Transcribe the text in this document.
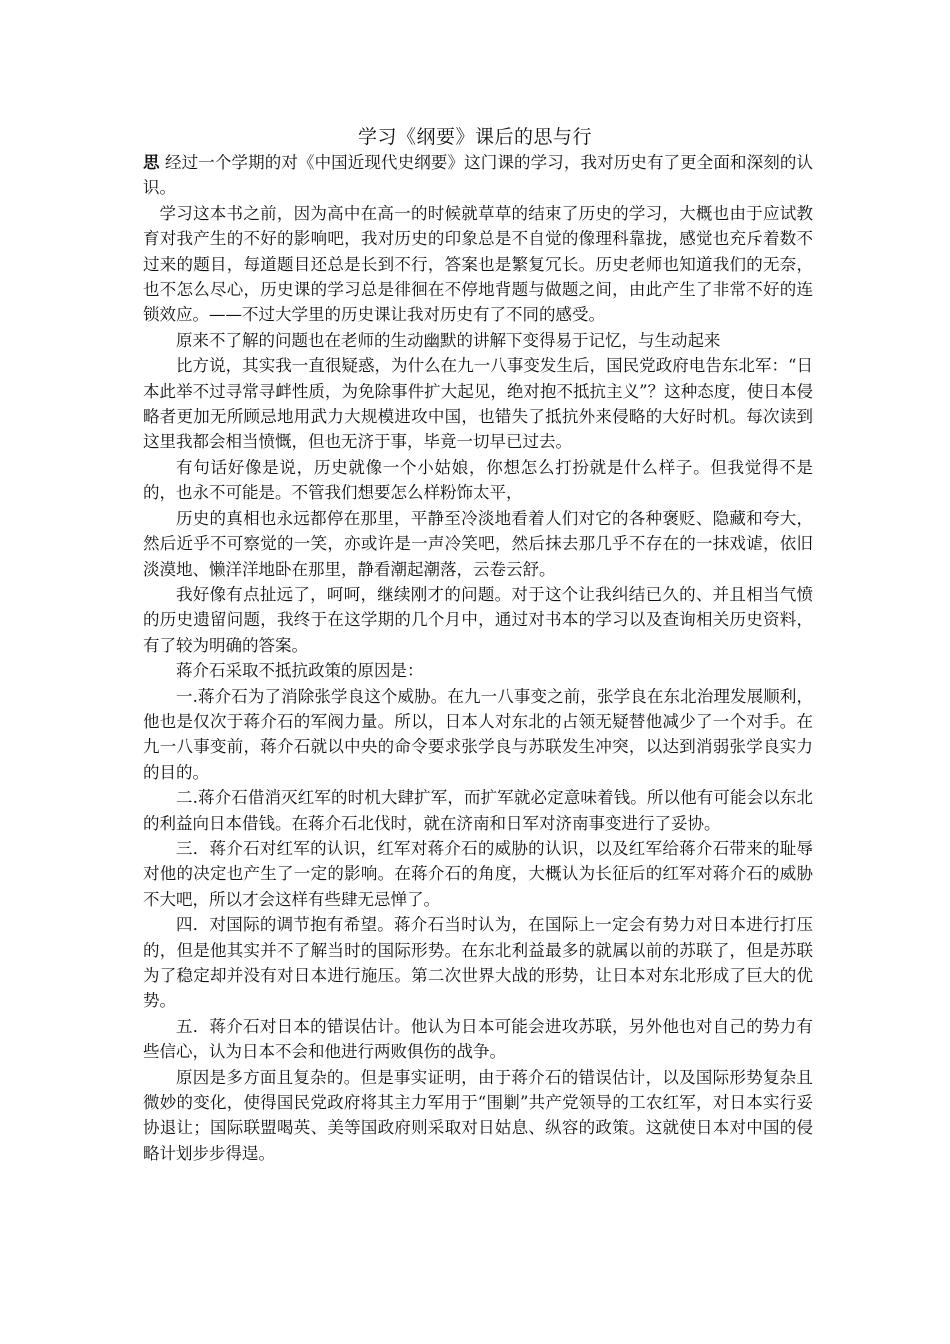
学习《纲要》课后的思与行

思 经过一个学期的对《中国近现代史纲要》这门课的学习，我对历史有了更全面和深刻的认识。

学习这本书之前，因为高中在高一的时候就草草的结束了历史的学习，大概也由于应试教育对我产生的不好的影响吧，我对历史的印象总是不自觉的像理科靠拢，感觉也充斥着数不过来的题目，每道题目还总是长到不行，答案也是繁复冗长。历史老师也知道我们的无奈，也不怎么尽心，历史课的学习总是徘徊在不停地背题与做题之间，由此产生了非常不好的连锁效应。——不过大学里的历史课让我对历史有了不同的感受。

原来不了解的问题也在老师的生动幽默的讲解下变得易于记忆，与生动起来

比方说，其实我一直很疑惑，为什么在九一八事变发生后，国民党政府电告东北军：“日本此举不过寻常寻衅性质，为免除事件扩大起见，绝对抱不抵抗主义”？这种态度，使日本侵略者更加无所顾忌地用武力大规模进攻中国，也错失了抵抗外来侵略的大好时机。每次读到这里我都会相当愤慨，但也无济于事，毕竟一切早已过去。

有句话好像是说，历史就像一个小姑娘，你想怎么打扮就是什么样子。但我觉得不是的，也永不可能是。不管我们想要怎么样粉饰太平，

历史的真相也永远都停在那里，平静至冷淡地看着人们对它的各种褒贬、隐藏和夸大，然后近乎不可察觉的一笑，亦或许是一声冷笑吧，然后抹去那几乎不存在的一抹戏谑，依旧淡漠地、懒洋洋地卧在那里，静看潮起潮落，云卷云舒。

我好像有点扯远了，呵呵，继续刚才的问题。对于这个让我纠结已久的、并且相当气愤的历史遗留问题，我终于在这学期的几个月中，通过对书本的学习以及查询相关历史资料，有了较为明确的答案。

蒋介石采取不抵抗政策的原因是：

一.蒋介石为了消除张学良这个威胁。在九一八事变之前，张学良在东北治理发展顺利，他也是仅次于蒋介石的军阀力量。所以，日本人对东北的占领无疑替他减少了一个对手。在九一八事变前，蒋介石就以中央的命令要求张学良与苏联发生冲突，以达到消弱张学良实力的目的。

二.蒋介石借消灭红军的时机大肆扩军，而扩军就必定意味着钱。所以他有可能会以东北的利益向日本借钱。在蒋介石北伐时，就在济南和日军对济南事变进行了妥协。

三．蒋介石对红军的认识，红军对蒋介石的威胁的认识，以及红军给蒋介石带来的耻辱对他的决定也产生了一定的影响。在蒋介石的角度，大概认为长征后的红军对蒋介石的威胁不大吧，所以才会这样有些肆无忌惮了。

四．对国际的调节抱有希望。蒋介石当时认为，在国际上一定会有势力对日本进行打压的，但是他其实并不了解当时的国际形势。在东北利益最多的就属以前的苏联了，但是苏联为了稳定却并没有对日本进行施压。第二次世界大战的形势，让日本对东北形成了巨大的优势。

五．蒋介石对日本的错误估计。他认为日本可能会进攻苏联，另外他也对自己的势力有些信心，认为日本不会和他进行两败俱伤的战争。

原因是多方面且复杂的。但是事实证明，由于蒋介石的错误估计，以及国际形势复杂且微妙的变化，使得国民党政府将其主力军用于“围剿”共产党领导的工农红军，对日本实行妥协退让；国际联盟喝英、美等国政府则采取对日姑息、纵容的政策。这就使日本对中国的侵略计划步步得逞。
